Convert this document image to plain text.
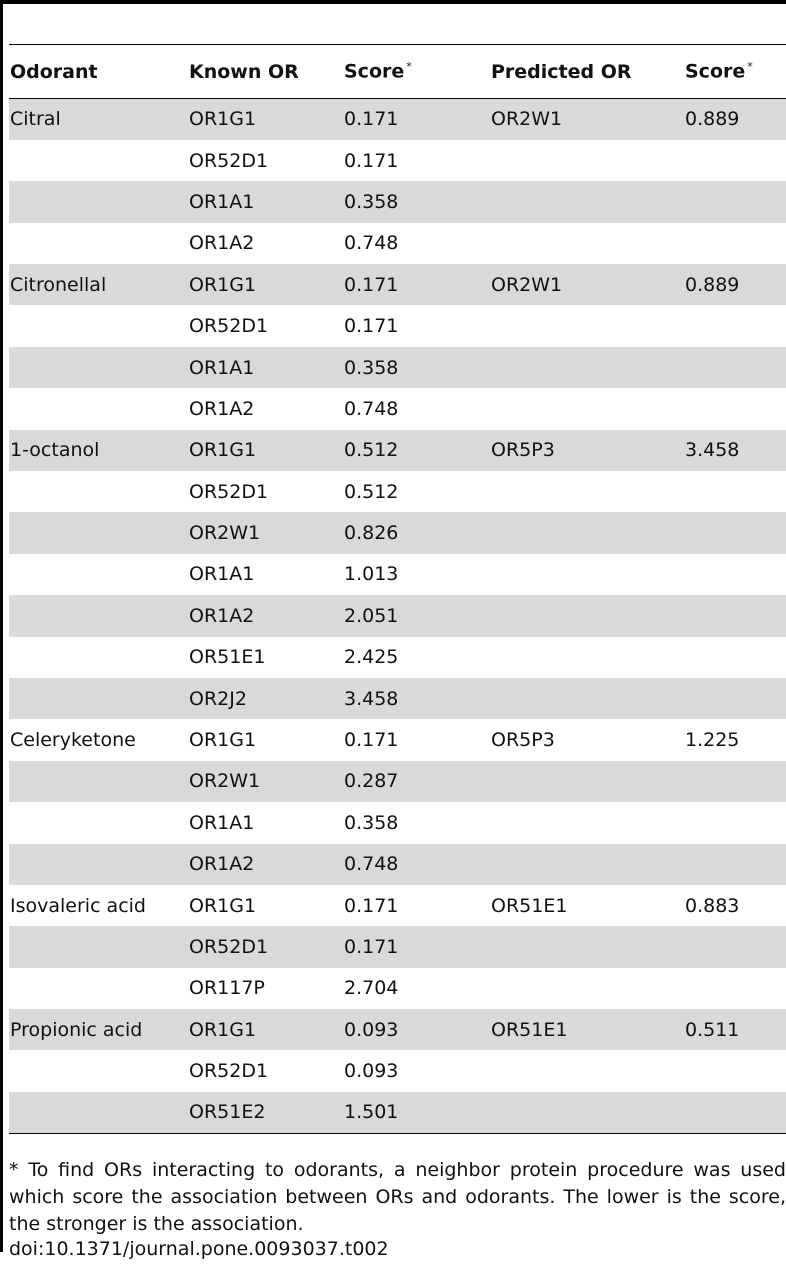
Odorant	Known OR	Score *	Predicted OR	Score *
Citral	OR1G1	0.171	OR2W1	0.889
	OR52D1	0.171		
	OR1A1	0.358		
	OR1A2	0.748		
Citronellal	OR1G1	0.171	OR2W1	0.889
	OR52D1	0.171		
	OR1A1	0.358		
	OR1A2	0.748		
1-octanol	OR1G1	0.512	OR5P3	3.458
	OR52D1	0.512		
	OR2W1	0.826		
	OR1A1	1.013		
	OR1A2	2.051		
	OR51E1	2.425		
	OR2J2	3.458		
Celeryketone	OR1G1	0.171	OR5P3	1.225
	OR2W1	0.287		
	OR1A1	0.358		
	OR1A2	0.748		
Isovaleric acid	OR1G1	0.171	OR51E1	0.883
	OR52D1	0.171		
	OR117P	2.704		
Propionic acid	OR1G1	0.093	OR51E1	0.511
	OR52D1	0.093		
	OR51E2	1.501		
* To find ORs interacting to odorants, a neighbor protein procedure was used which score the association between ORs and odorants. The lower is the score, the stronger is the association.
doi:10.1371/journal.pone.0093037.t002
